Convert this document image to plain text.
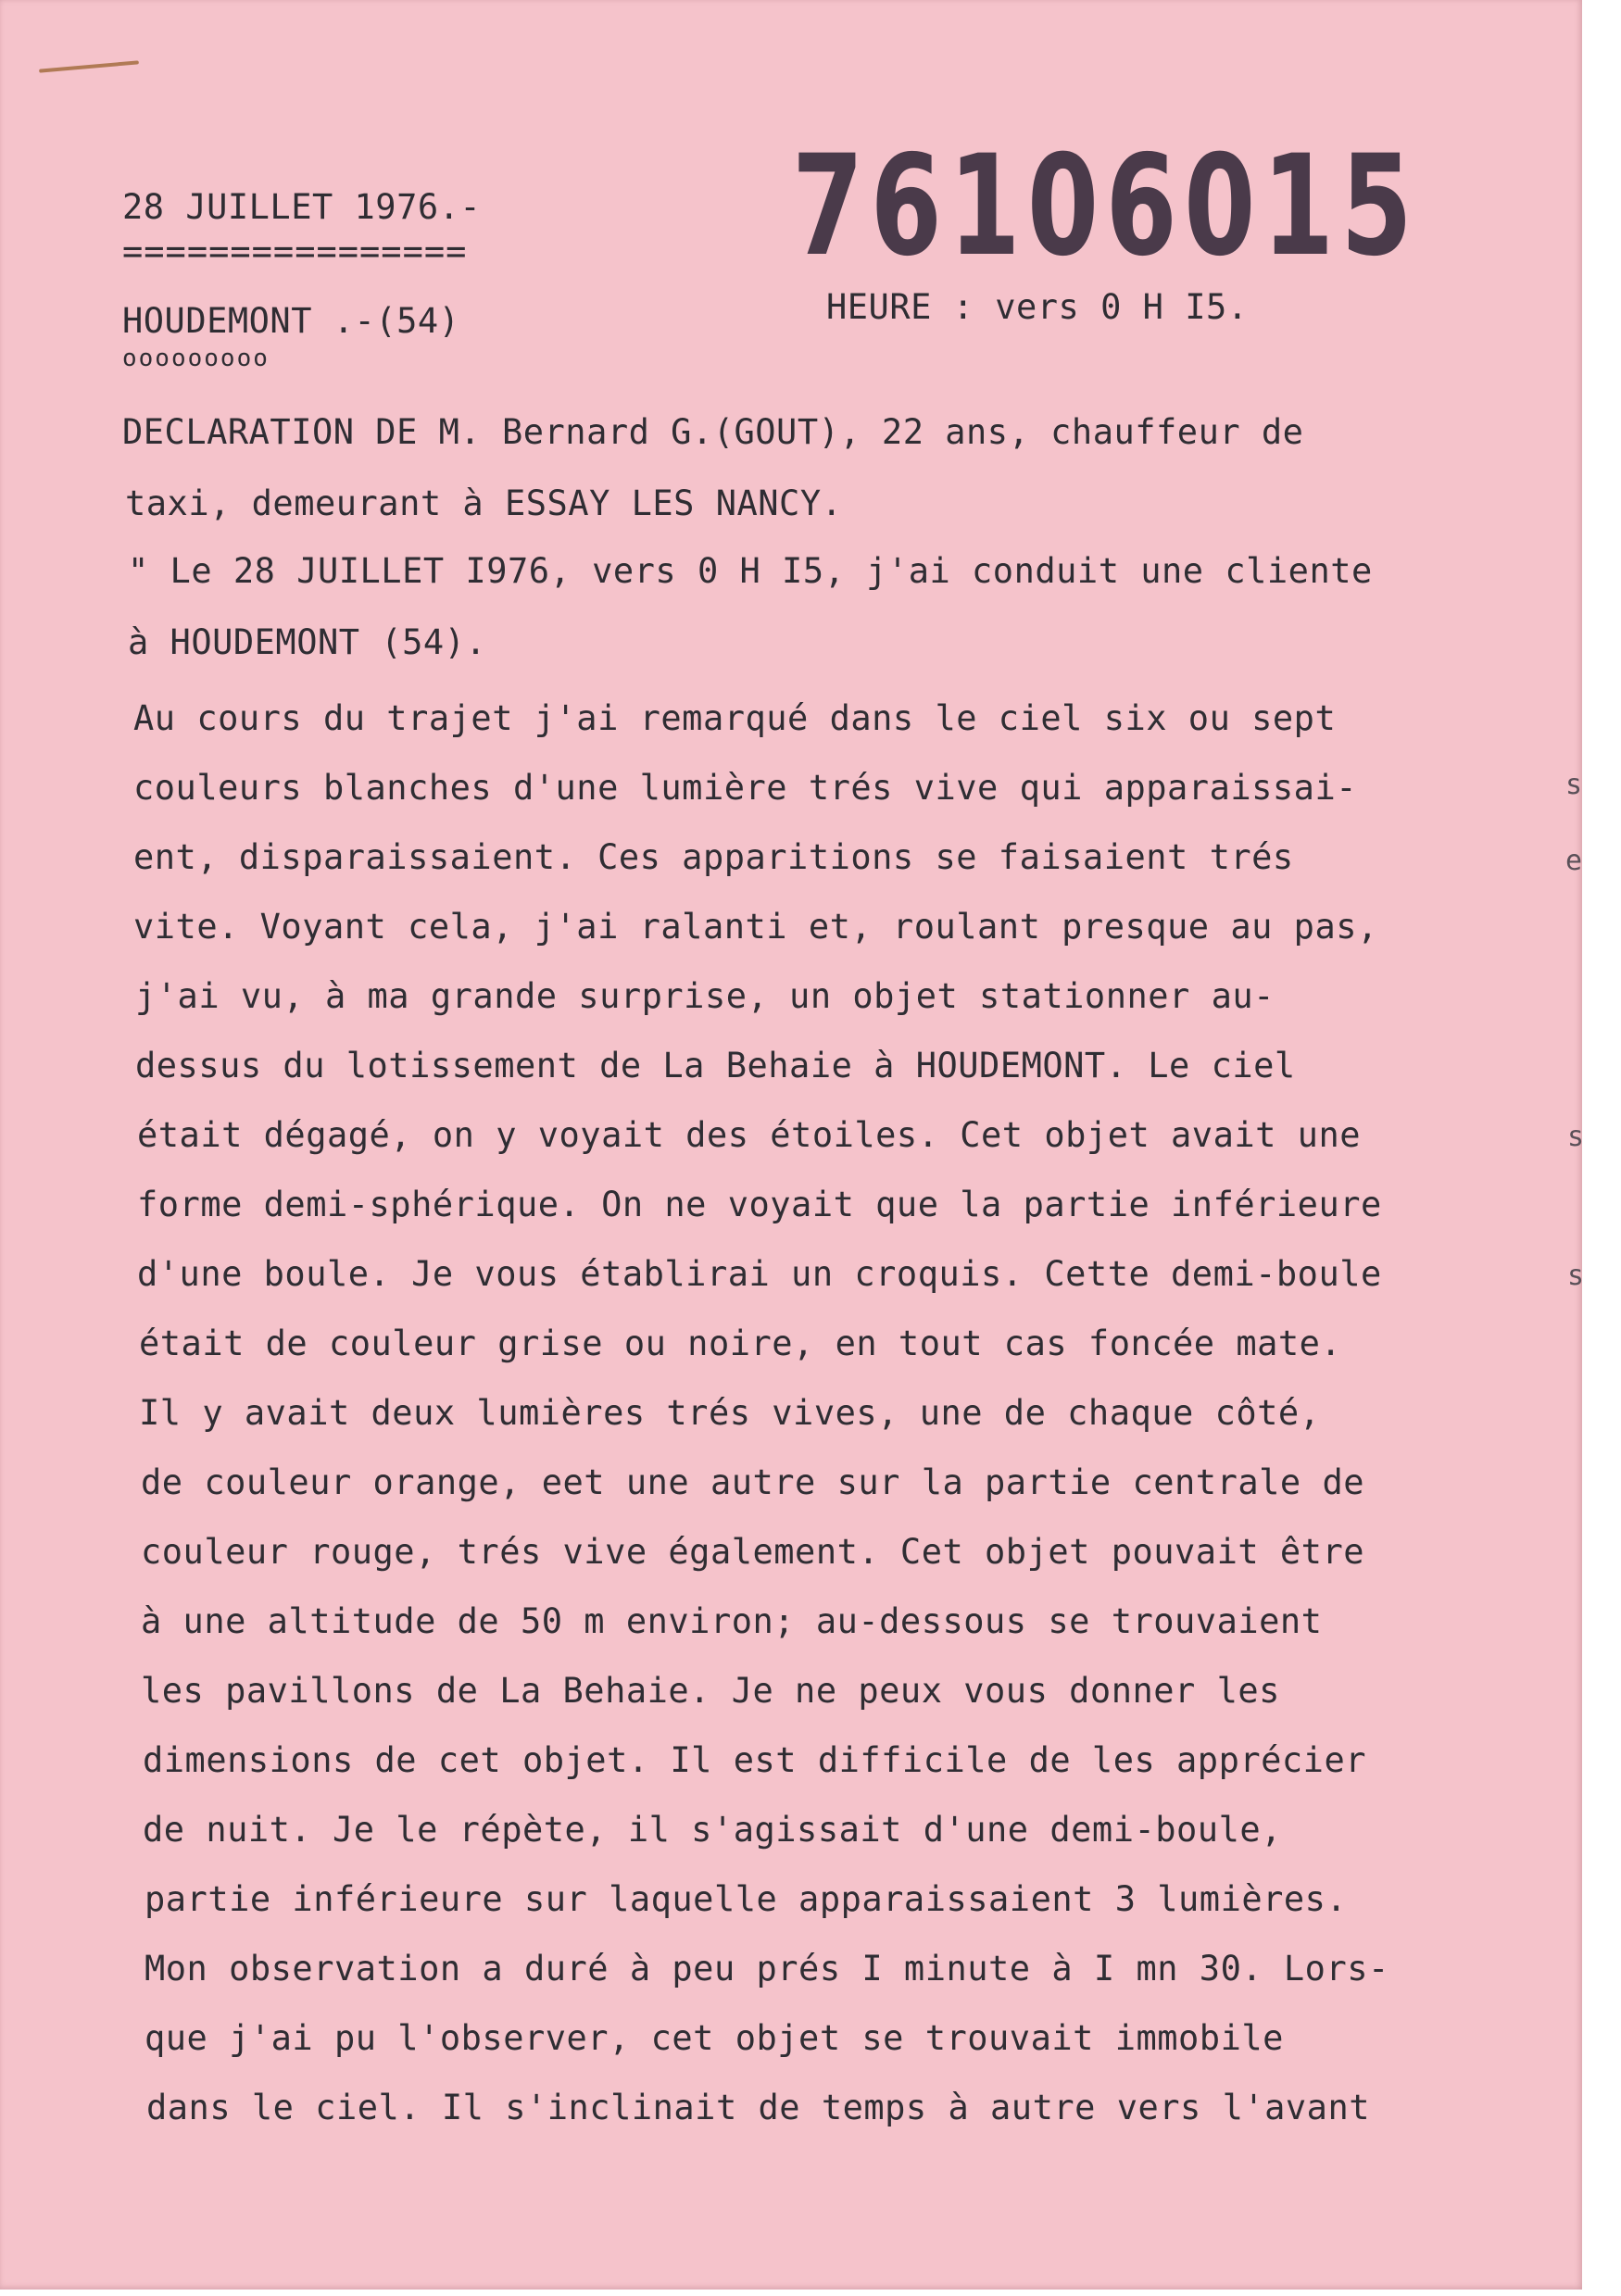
28 JUILLET 1976.-
================
HOUDEMONT .-(54)
ooooooooo
76106015
HEURE : vers 0 H I5.
DECLARATION DE M. Bernard G.(GOUT), 22 ans, chauffeur de
taxi, demeurant à ESSAY LES NANCY.
" Le 28 JUILLET I976, vers 0 H I5, j'ai conduit une cliente
à HOUDEMONT (54).
Au cours du trajet j'ai remarqué dans le ciel six ou sept
couleurs blanches d'une lumière trés vive qui apparaissai-
ent, disparaissaient. Ces apparitions se faisaient trés
vite. Voyant cela, j'ai ralanti et, roulant presque au pas,
j'ai vu, à ma grande surprise, un objet stationner au-
dessus du lotissement de La Behaie à HOUDEMONT. Le ciel
était dégagé, on y voyait des étoiles. Cet objet avait une
forme demi-sphérique. On ne voyait que la partie inférieure
d'une boule. Je vous établirai un croquis. Cette demi-boule
était de couleur grise ou noire, en tout cas foncée mate.
Il y avait deux lumières trés vives, une de chaque côté,
de couleur orange, eet une autre sur la partie centrale de
couleur rouge, trés vive également. Cet objet pouvait être
à une altitude de 50 m environ; au-dessous se trouvaient
les pavillons de La Behaie. Je ne peux vous donner les
dimensions de cet objet. Il est difficile de les apprécier
de nuit. Je le répète, il s'agissait d'une demi-boule,
partie inférieure sur laquelle apparaissaient 3 lumières.
Mon observation a duré à peu prés I minute à I mn 30. Lors-
que j'ai pu l'observer, cet objet se trouvait immobile
dans le ciel. Il s'inclinait de temps à autre vers l'avant
s
e
s
s
